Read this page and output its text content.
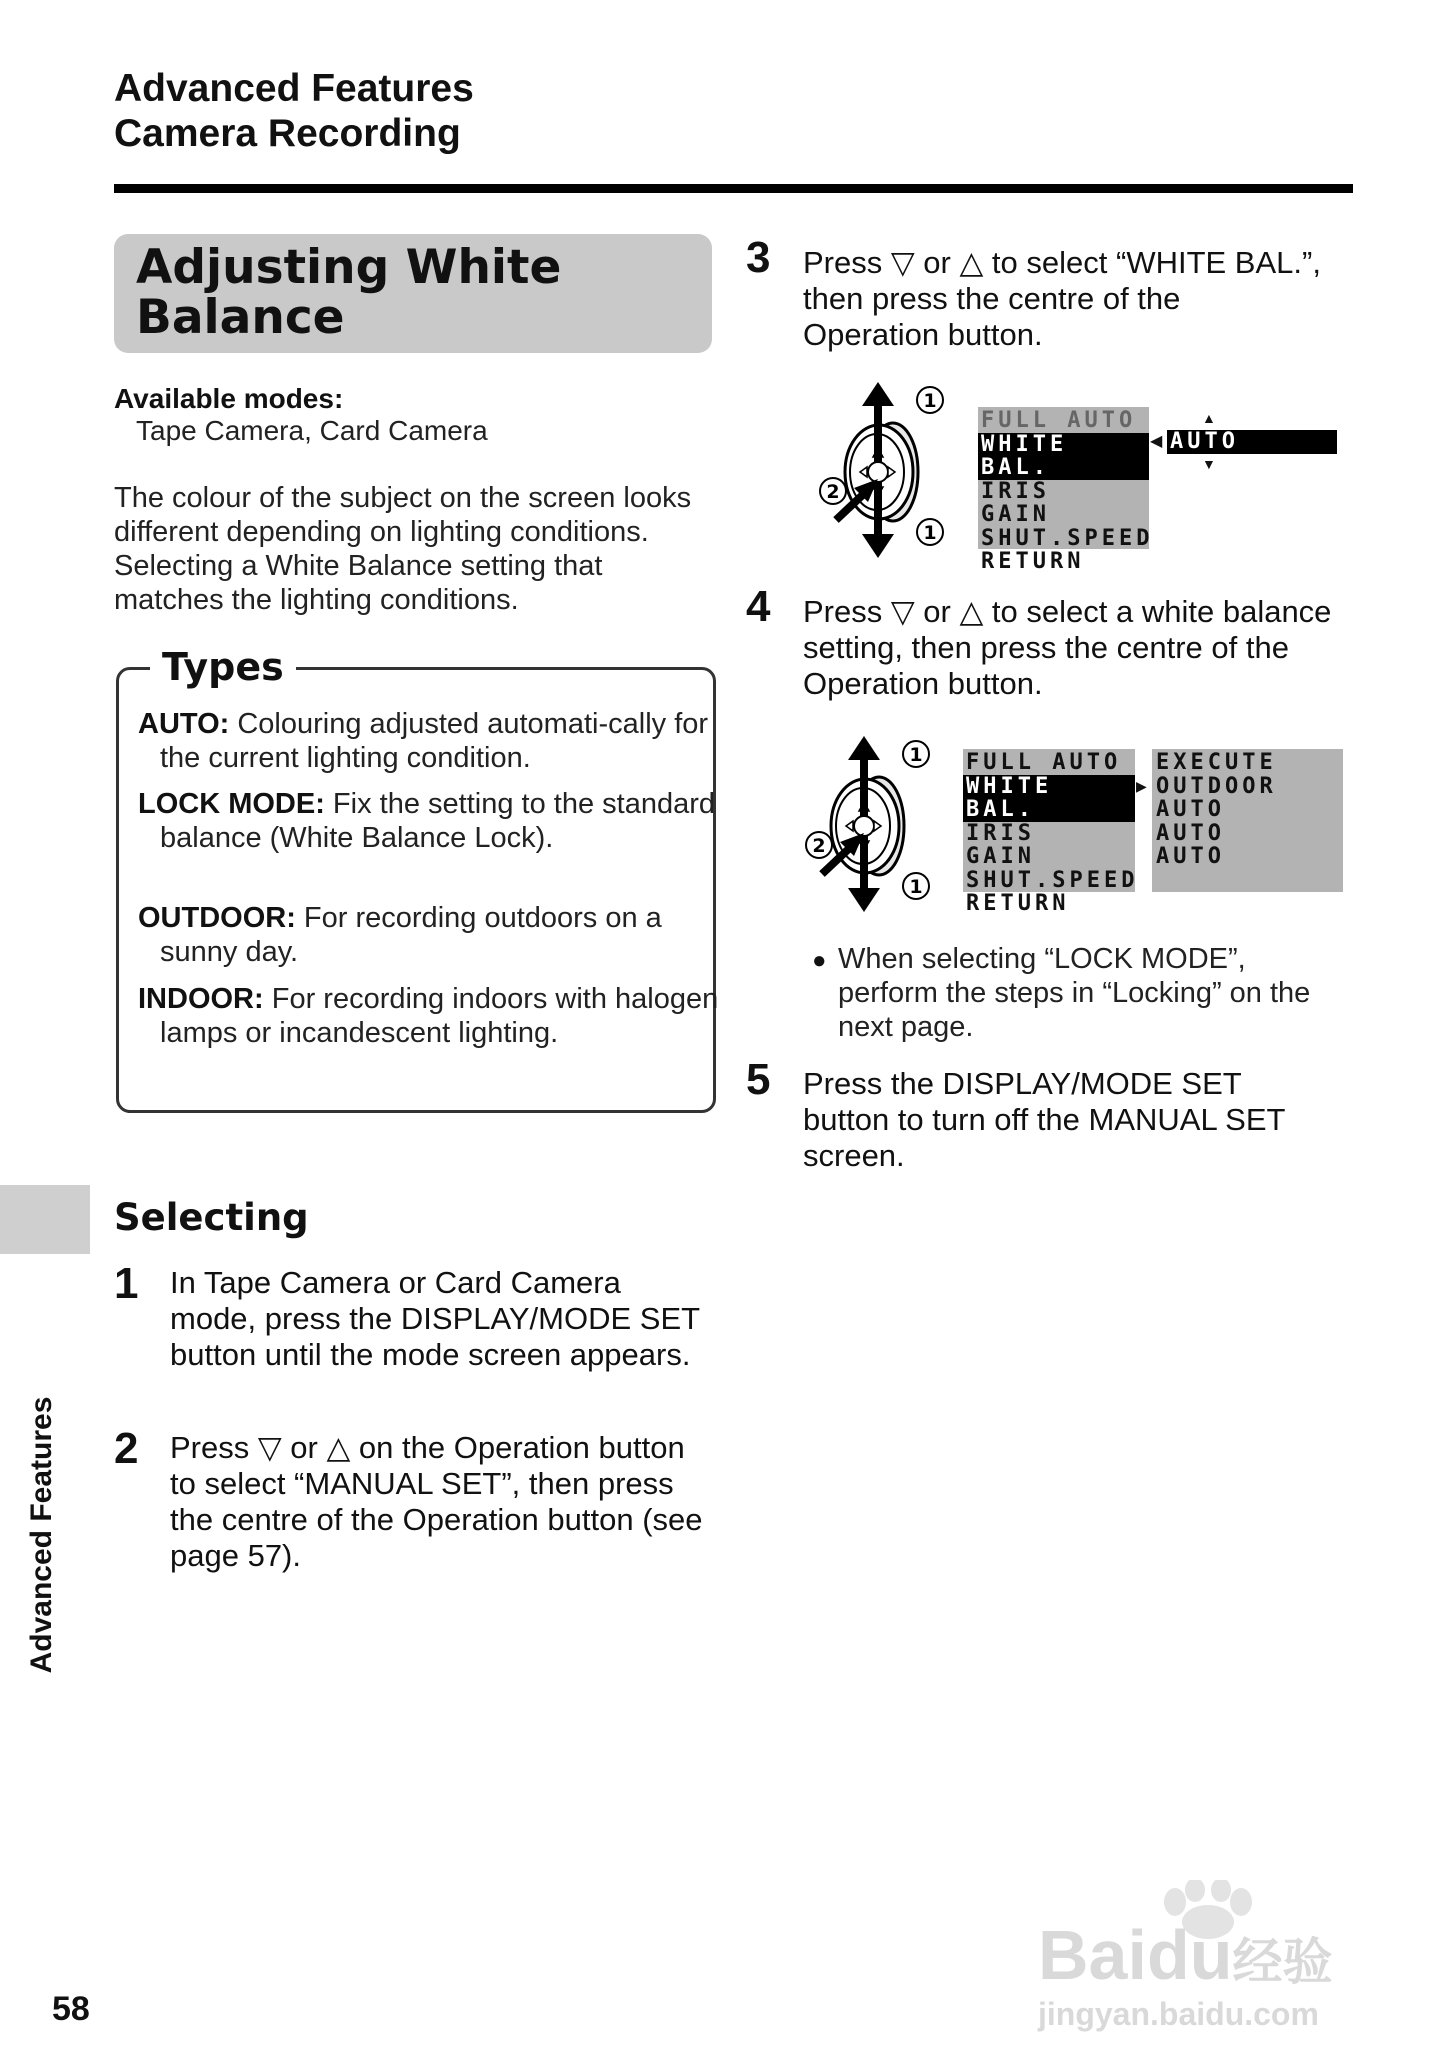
Advanced Features
Camera Recording
Adjusting White
Balance
Available modes:
Tape Camera, Card Camera
The colour of the subject on the screen looks different depending on lighting conditions. Selecting a White Balance setting that matches the lighting conditions.
Types
AUTO: Colouring adjusted automati-cally for the current lighting condition.
LOCK MODE: Fix the setting to the standard balance (White Balance Lock).
OUTDOOR: For recording outdoors on a sunny day.
INDOOR: For recording indoors with halogen lamps or incandescent lighting.
Advanced Features
Selecting
1 In Tape Camera or Card Camera mode, press the DISPLAY/MODE SET button until the mode screen appears.
2 Press ▽ or △ on the Operation button to select “MANUAL SET”, then press the centre of the Operation button (see page 57).
3 Press ▽ or △ to select “WHITE BAL.”, then press the centre of the Operation button.
1
1
2
FULL AUTO
WHITE BAL.
IRIS
GAIN
SHUT.SPEED
RETURN
◀ AUTO
▲
▼
4 Press ▽ or △ to select a white balance setting, then press the centre of the Operation button.
1
1
2
FULL AUTO
WHITE BAL.
IRIS
GAIN
SHUT.SPEED
RETURN
▶
EXECUTE
OUTDOOR
AUTO
AUTO
AUTO
● When selecting “LOCK MODE”, perform the steps in “Locking” on the next page.
5 Press the DISPLAY/MODE SET button to turn off the MANUAL SET screen.
58
Baidu经验
jingyan.baidu.com
